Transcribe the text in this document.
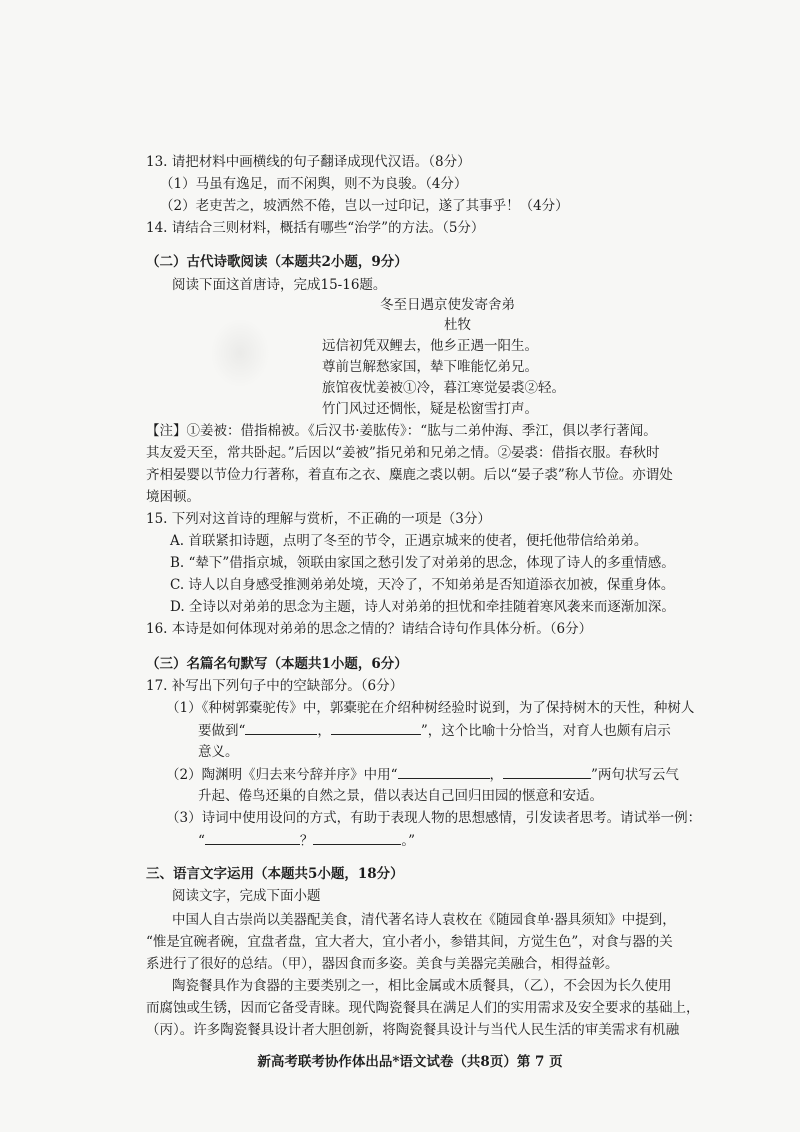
13. 请把材料中画横线的句子翻译成现代汉语。（8分）
（1）马虽有逸足，而不闲舆，则不为良骏。（4分）
（2）老吏苦之，坡洒然不倦，岂以一过印记，遂了其事乎！（4分）
14. 请结合三则材料，概括有哪些“治学”的方法。（5分）
（二）古代诗歌阅读（本题共2小题，9分）
阅读下面这首唐诗，完成15-16题。
冬至日遇京使发寄舍弟
杜牧
远信初凭双鲤去，他乡正遇一阳生。
尊前岂解愁家国，辇下唯能忆弟兄。
旅馆夜忧姜被①冷，暮江寒觉晏裘②轻。
竹门风过还惆怅，疑是松窗雪打声。
【注】①姜被：借指棉被。《后汉书·姜肱传》：“肱与二弟仲海、季江，俱以孝行著闻。
其友爱天至，常共卧起。”后因以“姜被”指兄弟和兄弟之情。②晏裘：借指衣服。春秋时
齐相晏婴以节俭力行著称，着直布之衣、麋鹿之裘以朝。后以“晏子裘”称人节俭。亦谓处
境困顿。
15. 下列对这首诗的理解与赏析，不正确的一项是（3分）
A. 首联紧扣诗题，点明了冬至的节令，正遇京城来的使者，便托他带信给弟弟。
B. “辇下”借指京城，领联由家国之愁引发了对弟弟的思念，体现了诗人的多重情感。
C. 诗人以自身感受推测弟弟处境，天冷了，不知弟弟是否知道添衣加被，保重身体。
D. 全诗以对弟弟的思念为主题，诗人对弟弟的担忧和牵挂随着寒风袭来而逐渐加深。
16. 本诗是如何体现对弟弟的思念之情的？请结合诗句作具体分析。（6分）
（三）名篇名句默写（本题共1小题，6分）
17. 补写出下列句子中的空缺部分。（6分）
（1）《种树郭橐驼传》中，郭橐驼在介绍种树经验时说到，为了保持树木的天性，种树人
要做到“	，	”，这个比喻十分恰当，对育人也颇有启示
意义。
（2）陶渊明《归去来兮辞并序》中用“	，	”两句状写云气
升起、倦鸟还巢的自然之景，借以表达自己回归田园的惬意和安适。
（3）诗词中使用设问的方式，有助于表现人物的思想感情，引发读者思考。请试举一例：
“	？	。”
三、语言文字运用（本题共5小题，18分）
阅读文字，完成下面小题
中国人自古崇尚以美器配美食，清代著名诗人袁枚在《随园食单·器具须知》中提到，
“惟是宜碗者碗，宜盘者盘，宜大者大，宜小者小，参错其间，方觉生色”，对食与器的关
系进行了很好的总结。（甲），器因食而多姿。美食与美器完美融合，相得益彰。
陶瓷餐具作为食器的主要类别之一，相比金属或木质餐具，（乙），不会因为长久使用
而腐蚀或生锈，因而它备受青睐。现代陶瓷餐具在满足人们的实用需求及安全要求的基础上，
（丙）。许多陶瓷餐具设计者大胆创新，将陶瓷餐具设计与当代人民生活的审美需求有机融
新高考联考协作体出品*语文试卷（共8页）第 7 页
